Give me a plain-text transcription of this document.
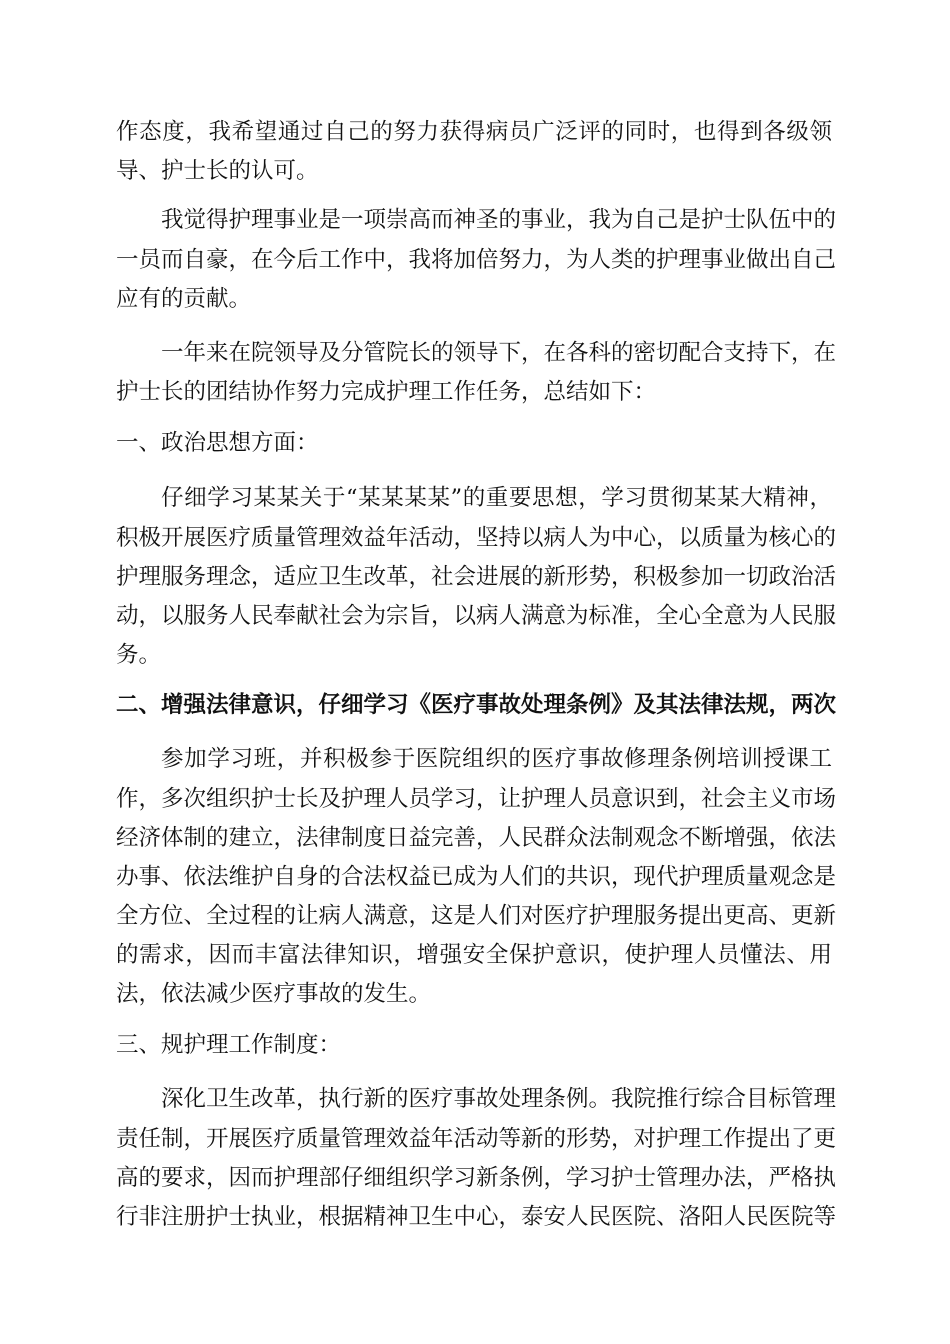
作态度，我希望通过自己的努力获得病员广泛评的同时，也得到各级领

导、护士长的认可。

我觉得护理事业是一项崇高而神圣的事业，我为自己是护士队伍中的

一员而自豪，在今后工作中，我将加倍努力，为人类的护理事业做出自己

应有的贡献。

一年来在院领导及分管院长的领导下，在各科的密切配合支持下，在

护士长的团结协作努力完成护理工作任务，总结如下：

一、政治思想方面：

仔细学习某某关于“某某某某”的重要思想，学习贯彻某某大精神，

积极开展医疗质量管理效益年活动，坚持以病人为中心，以质量为核心的

护理服务理念，适应卫生改革，社会进展的新形势，积极参加一切政治活

动，以服务人民奉献社会为宗旨，以病人满意为标准，全心全意为人民服

务。

二、增强法律意识，仔细学习《医疗事故处理条例》及其法律法规，两次

参加学习班，并积极参于医院组织的医疗事故修理条例培训授课工

作，多次组织护士长及护理人员学习，让护理人员意识到，社会主义市场

经济体制的建立，法律制度日益完善，人民群众法制观念不断增强，依法

办事、依法维护自身的合法权益已成为人们的共识，现代护理质量观念是

全方位、全过程的让病人满意，这是人们对医疗护理服务提出更高、更新

的需求，因而丰富法律知识，增强安全保护意识，使护理人员懂法、用

法，依法减少医疗事故的发生。

三、规护理工作制度：

深化卫生改革，执行新的医疗事故处理条例。我院推行综合目标管理

责任制，开展医疗质量管理效益年活动等新的形势，对护理工作提出了更

高的要求，因而护理部仔细组织学习新条例，学习护士管理办法，严格执

行非注册护士执业，根据精神卫生中心，泰安人民医院、洛阳人民医院等
